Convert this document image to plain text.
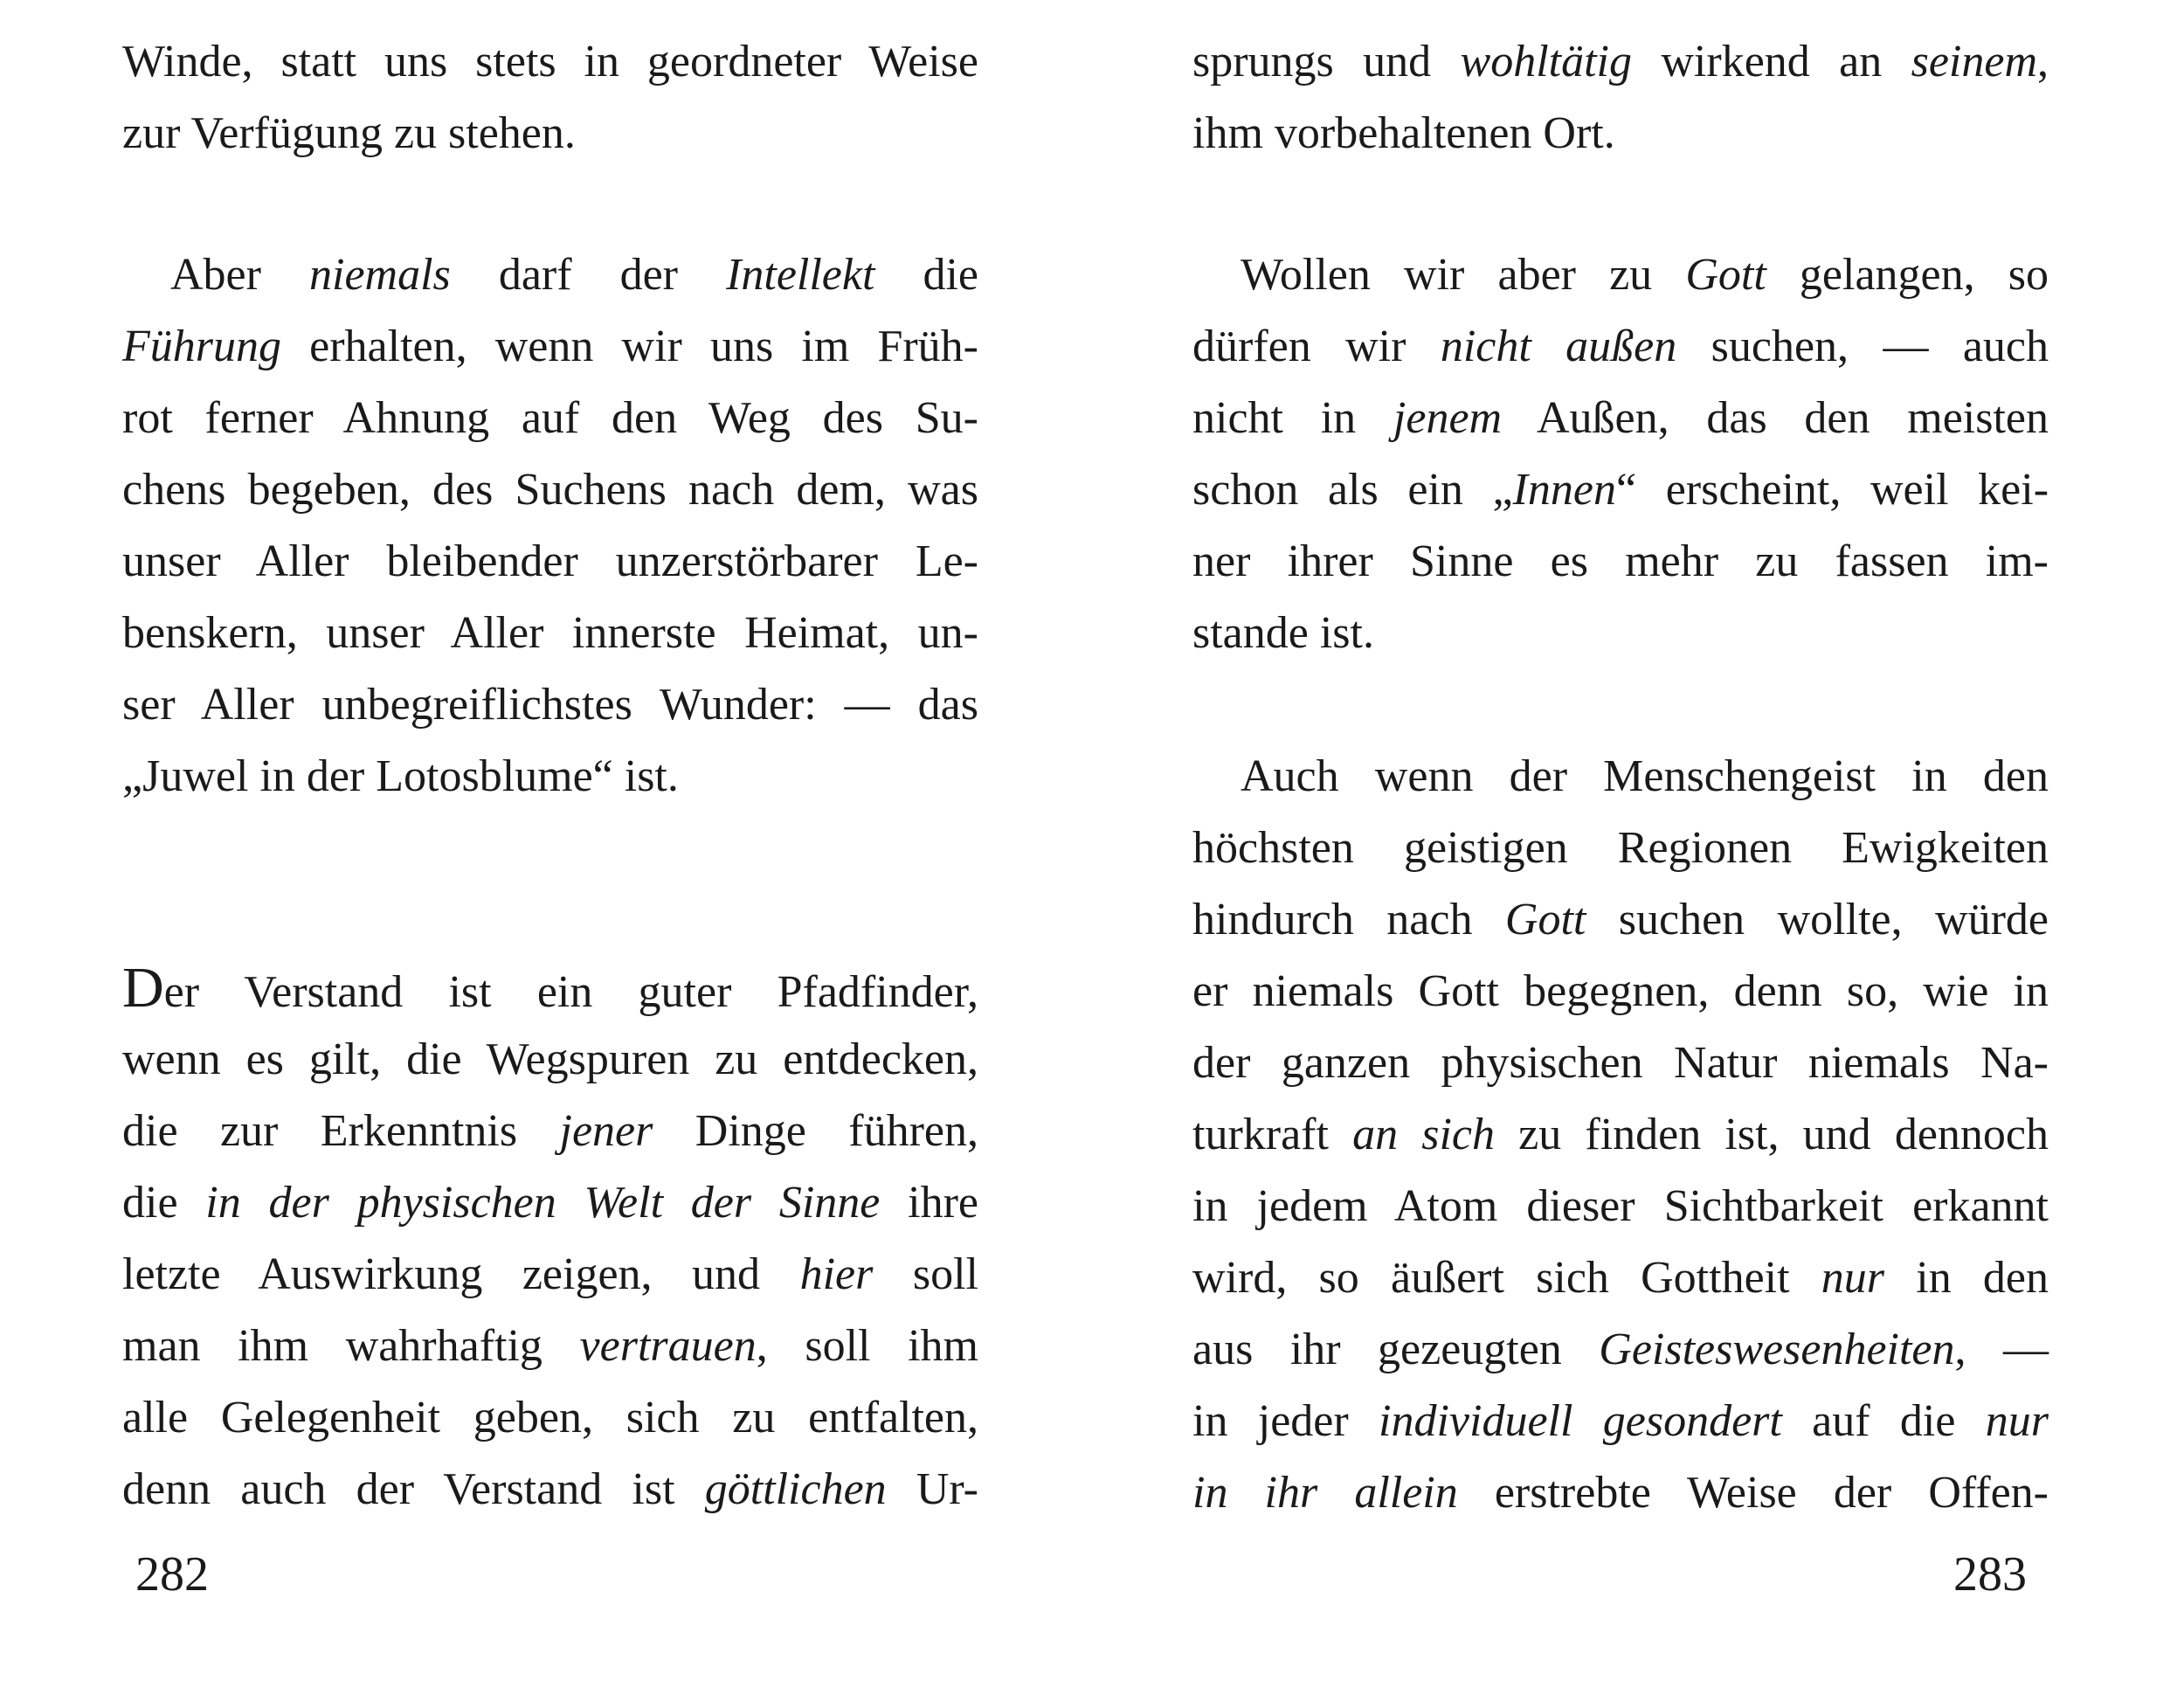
Winde, statt uns stets in geordneter Weise
zur Verfügung zu stehen.

Aber niemals darf der Intellekt die
Führung erhalten, wenn wir uns im Früh-
rot ferner Ahnung auf den Weg des Su-
chens begeben, des Suchens nach dem, was
unser Aller bleibender unzerstörbarer Le-
benskern, unser Aller innerste Heimat, un-
ser Aller unbegreiflichstes Wunder: — das
„Juwel in der Lotosblume“ ist.

Der Verstand ist ein guter Pfadfinder,
wenn es gilt, die Wegspuren zu entdecken,
die zur Erkenntnis jener Dinge führen,
die in der physischen Welt der Sinne ihre
letzte Auswirkung zeigen, und hier soll
man ihm wahrhaftig vertrauen, soll ihm
alle Gelegenheit geben, sich zu entfalten,
denn auch der Verstand ist göttlichen Ur-

282

sprungs und wohltätig wirkend an seinem,
ihm vorbehaltenen Ort.

Wollen wir aber zu Gott gelangen, so
dürfen wir nicht außen suchen, — auch
nicht in jenem Außen, das den meisten
schon als ein „Innen“ erscheint, weil kei-
ner ihrer Sinne es mehr zu fassen im-
stande ist.

Auch wenn der Menschengeist in den
höchsten geistigen Regionen Ewigkeiten
hindurch nach Gott suchen wollte, würde
er niemals Gott begegnen, denn so, wie in
der ganzen physischen Natur niemals Na-
turkraft an sich zu finden ist, und dennoch
in jedem Atom dieser Sichtbarkeit erkannt
wird, so äußert sich Gottheit nur in den
aus ihr gezeugten Geisteswesenheiten, —
in jeder individuell gesondert auf die nur
in ihr allein erstrebte Weise der Offen-

283
